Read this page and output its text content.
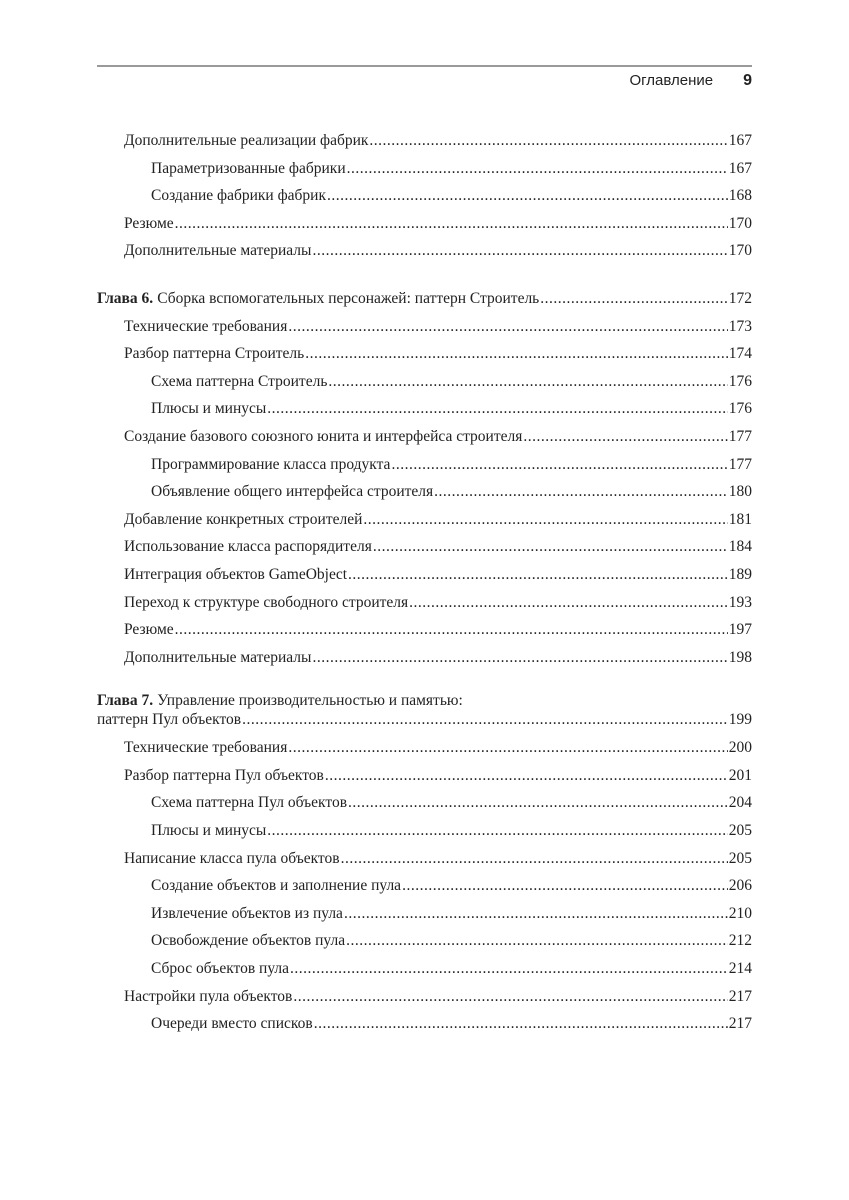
Оглавление 9
Дополнительные реализации фабрик .....	167
Параметризованные фабрики .....	167
Создание фабрики фабрик .....	168
Резюме .....	170
Дополнительные материалы .....	170
Глава 6. Сборка вспомогательных персонажей: паттерн Строитель .....	172
Технические требования .....	173
Разбор паттерна Строитель .....	174
Схема паттерна Строитель .....	176
Плюсы и минусы .....	176
Создание базового союзного юнита и интерфейса строителя .....	177
Программирование класса продукта .....	177
Объявление общего интерфейса строителя .....	180
Добавление конкретных строителей .....	181
Использование класса распорядителя .....	184
Интеграция объектов GameObject .....	189
Переход к структуре свободного строителя .....	193
Резюме .....	197
Дополнительные материалы .....	198
Глава 7. Управление производительностью и памятью:
паттерн Пул объектов .....	199
Технические требования .....	200
Разбор паттерна Пул объектов .....	201
Схема паттерна Пул объектов .....	204
Плюсы и минусы .....	205
Написание класса пула объектов .....	205
Создание объектов и заполнение пула .....	206
Извлечение объектов из пула .....	210
Освобождение объектов пула .....	212
Сброс объектов пула .....	214
Настройки пула объектов .....	217
Очереди вместо списков .....	217
